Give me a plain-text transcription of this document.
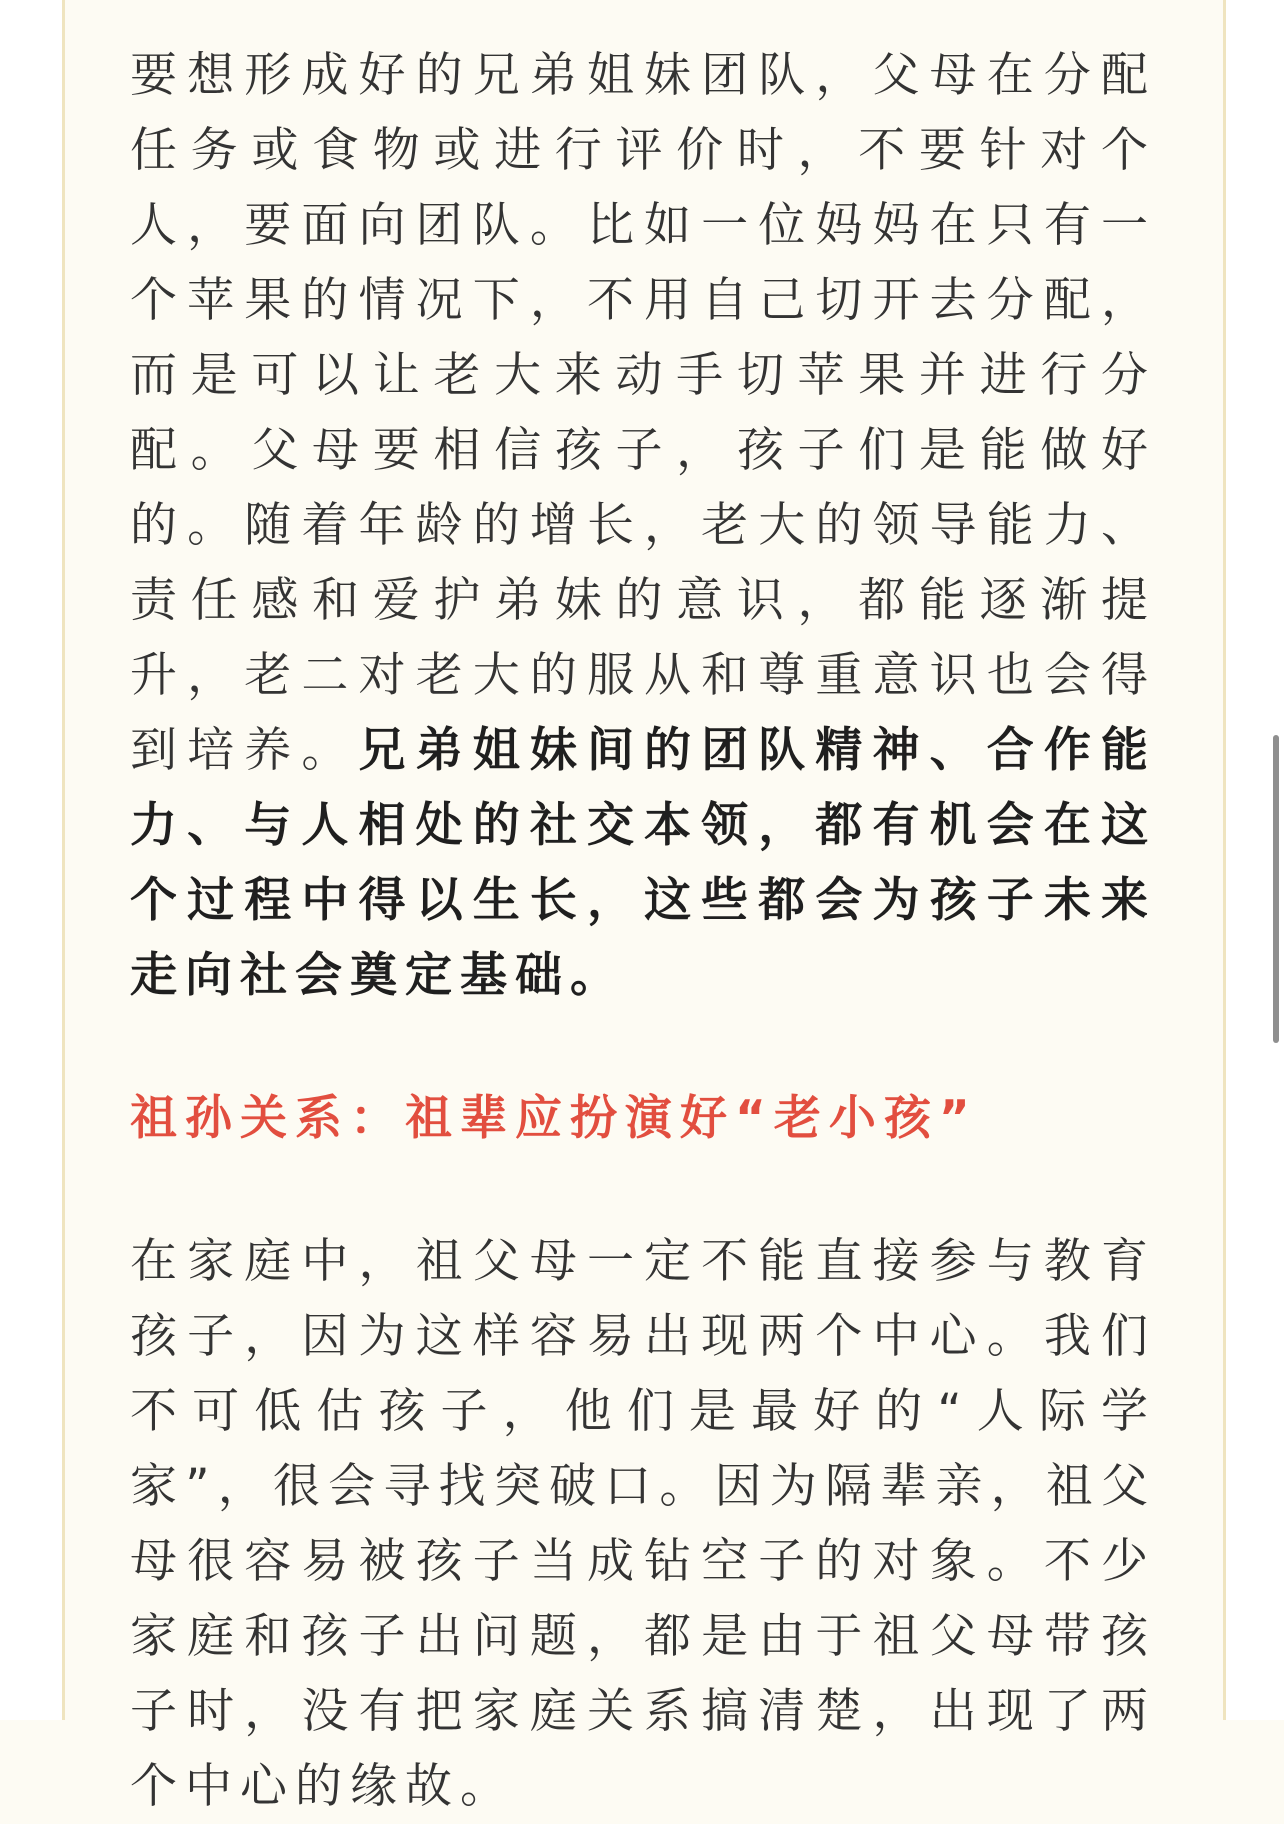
要想形成好的兄弟姐妹团队，父母在分配任务或食物或进行评价时，不要针对个人，要面向团队。比如一位妈妈在只有一个苹果的情况下，不用自己切开去分配，而是可以让老大来动手切苹果并进行分配。父母要相信孩子，孩子们是能做好的。随着年龄的增长，老大的领导能力、责任感和爱护弟妹的意识，都能逐渐提升，老二对老大的服从和尊重意识也会得到培养。兄弟姐妹间的团队精神、合作能力、与人相处的社交本领，都有机会在这个过程中得以生长，这些都会为孩子未来走向社会奠定基础。

祖孙关系：祖辈应扮演好“老小孩”

在家庭中，祖父母一定不能直接参与教育孩子，因为这样容易出现两个中心。我们不可低估孩子，他们是最好的“人际学家”，很会寻找突破口。因为隔辈亲，祖父母很容易被孩子当成钻空子的对象。不少家庭和孩子出问题，都是由于祖父母带孩子时，没有把家庭关系搞清楚，出现了两个中心的缘故。
